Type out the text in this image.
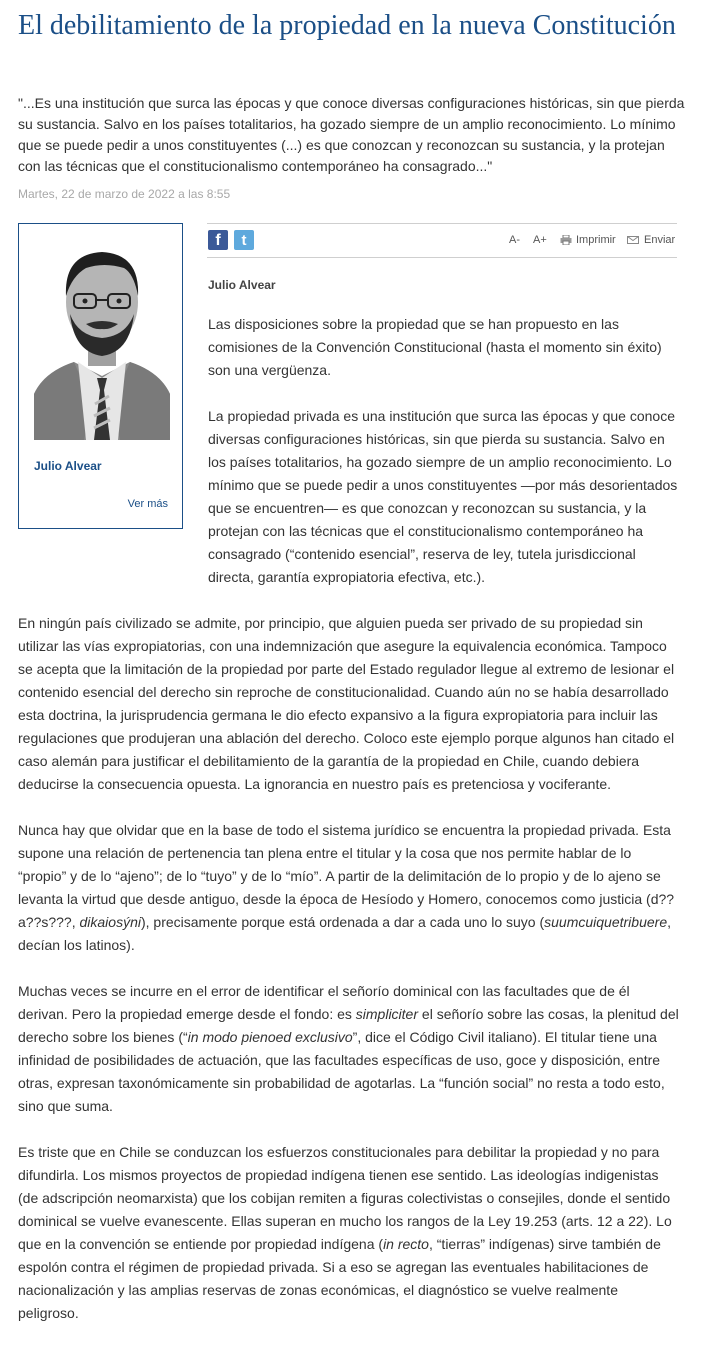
El debilitamiento de la propiedad en la nueva Constitución

"...Es una institución que surca las épocas y que conoce diversas configuraciones históricas, sin que pierda su sustancia. Salvo en los países totalitarios, ha gozado siempre de un amplio reconocimiento. Lo mínimo que se puede pedir a unos constituyentes (...) es que conozcan y reconozcan su sustancia, y la protejan con las técnicas que el constitucionalismo contemporáneo ha consagrado..."

Martes, 22 de marzo de 2022 a las 8:55
Julio Alvear
Ver más
f	t	A- A+	Imprimir	Enviar
Julio Alvear

Las disposiciones sobre la propiedad que se han propuesto en las comisiones de la Convención Constitucional (hasta el momento sin éxito) son una vergüenza.

La propiedad privada es una institución que surca las épocas y que conoce diversas configuraciones históricas, sin que pierda su sustancia. Salvo en los países totalitarios, ha gozado siempre de un amplio reconocimiento. Lo mínimo que se puede pedir a unos constituyentes —por más desorientados que se encuentren— es que conozcan y reconozcan su sustancia, y la protejan con las técnicas que el constitucionalismo contemporáneo ha consagrado (“contenido esencial”, reserva de ley, tutela jurisdiccional directa, garantía expropiatoria efectiva, etc.).

En ningún país civilizado se admite, por principio, que alguien pueda ser privado de su propiedad sin utilizar las vías expropiatorias, con una indemnización que asegure la equivalencia económica. Tampoco se acepta que la limitación de la propiedad por parte del Estado regulador llegue al extremo de lesionar el contenido esencial del derecho sin reproche de constitucionalidad. Cuando aún no se había desarrollado esta doctrina, la jurisprudencia germana le dio efecto expansivo a la figura expropiatoria para incluir las regulaciones que produjeran una ablación del derecho. Coloco este ejemplo porque algunos han citado el caso alemán para justificar el debilitamiento de la garantía de la propiedad en Chile, cuando debiera deducirse la consecuencia opuesta. La ignorancia en nuestro país es pretenciosa y vociferante.

Nunca hay que olvidar que en la base de todo el sistema jurídico se encuentra la propiedad privada. Esta supone una relación de pertenencia tan plena entre el titular y la cosa que nos permite hablar de lo “propio” y de lo “ajeno”; de lo “tuyo” y de lo “mío”. A partir de la delimitación de lo propio y de lo ajeno se levanta la virtud que desde antiguo, desde la época de Hesíodo y Homero, conocemos como justicia (d??a??s???, dikaiosýni), precisamente porque está ordenada a dar a cada uno lo suyo (suumcuiquetribuere, decían los latinos).

Muchas veces se incurre en el error de identificar el señorío dominical con las facultades que de él derivan. Pero la propiedad emerge desde el fondo: es simpliciter el señorío sobre las cosas, la plenitud del derecho sobre los bienes (“in modo pienoed exclusivo”, dice el Código Civil italiano). El titular tiene una infinidad de posibilidades de actuación, que las facultades específicas de uso, goce y disposición, entre otras, expresan taxonómicamente sin probabilidad de agotarlas. La “función social” no resta a todo esto, sino que suma.

Es triste que en Chile se conduzcan los esfuerzos constitucionales para debilitar la propiedad y no para difundirla. Los mismos proyectos de propiedad indígena tienen ese sentido. Las ideologías indigenistas (de adscripción neomarxista) que los cobijan remiten a figuras colectivistas o consejiles, donde el sentido dominical se vuelve evanescente. Ellas superan en mucho los rangos de la Ley 19.253 (arts. 12 a 22). Lo que en la convención se entiende por propiedad indígena (in recto, “tierras” indígenas) sirve también de espolón contra el régimen de propiedad privada. Si a eso se agregan las eventuales habilitaciones de nacionalización y las amplias reservas de zonas económicas, el diagnóstico se vuelve realmente peligroso.
